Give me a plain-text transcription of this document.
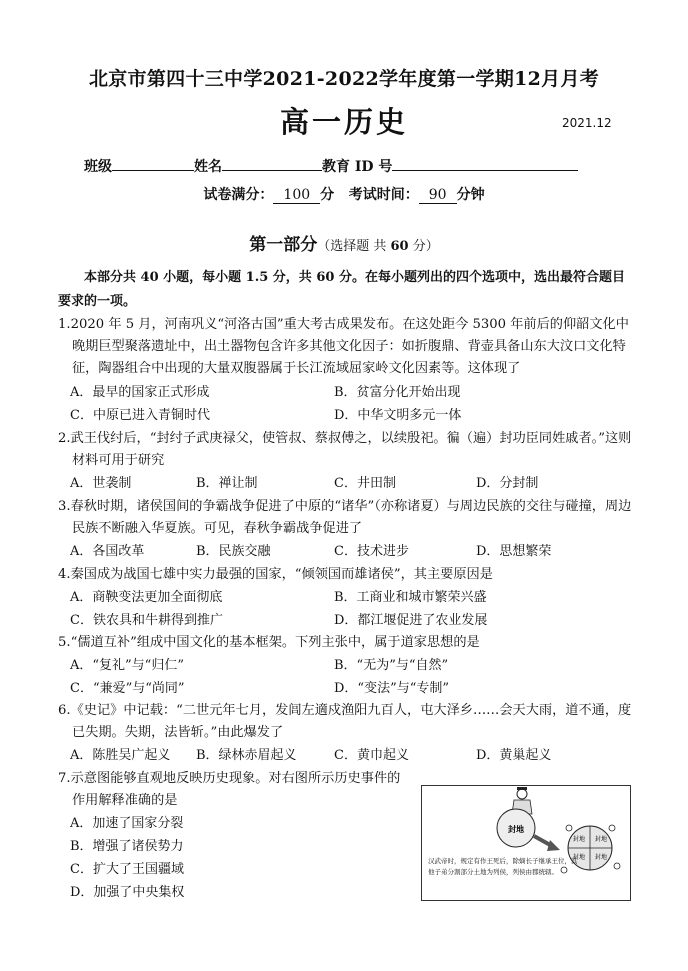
北京市第四十三中学2021-2022学年度第一学期12月月考
高一历史	2021.12
班级	姓名	教育 ID 号
试卷满分： 100 分 考试时间： 90 分钟
第一部分（选择题 共 60 分）
本部分共 40 小题，每小题 1.5 分，共 60 分。在每小题列出的四个选项中，选出最符合题目要求的一项。
1.2020 年 5 月，河南巩义“河洛古国”重大考古成果发布。在这处距今 5300 年前后的仰韶文化中晚期巨型聚落遗址中，出土器物包含许多其他文化因子：如折腹鼎、背壶具备山东大汶口文化特征，陶器组合中出现的大量双腹器属于长江流域屈家岭文化因素等。这体现了
A．最早的国家正式形成	B．贫富分化开始出现
C．中原已进入青铜时代	D．中华文明多元一体
2.武王伐纣后，“封纣子武庚禄父，使管叔、蔡叔傅之，以续殷祀。徧（遍）封功臣同姓戚者。”这则材料可用于研究
A．世袭制	B．禅让制	C．井田制	D．分封制
3.春秋时期，诸侯国间的争霸战争促进了中原的“诸华”（亦称诸夏）与周边民族的交往与碰撞，周边民族不断融入华夏族。可见，春秋争霸战争促进了
A．各国改革	B．民族交融	C．技术进步	D．思想繁荣
4.秦国成为战国七雄中实力最强的国家，“倾领国而雄诸侯”，其主要原因是
A．商鞅变法更加全面彻底	B．工商业和城市繁荣兴盛
C．铁农具和牛耕得到推广	D．都江堰促进了农业发展
5.“儒道互补”组成中国文化的基本框架。下列主张中，属于道家思想的是
A．“复礼”与“归仁”	B．“无为”与“自然”
C．“兼爱”与“尚同”	D．“变法”与“专制”
6.《史记》中记载：“二世元年七月，发闾左適戍渔阳九百人，屯大泽乡……会天大雨，道不通，度已失期。失期，法皆斩。”由此爆发了
A．陈胜吴广起义 B．绿林赤眉起义	C．黄巾起义	D．黄巢起义
7.示意图能够直观地反映历史现象。对右图所示历史事件的作用解释准确的是
A．加速了国家分裂
B．增强了诸侯势力
C．扩大了王国疆域
D．加强了中央集权
封地
封地 封地
封地 封地
汉武帝时，规定有作王死后，除嫡长子继承王位，其他子弟分割部分土地为列侯，列侯由郡统辖。
